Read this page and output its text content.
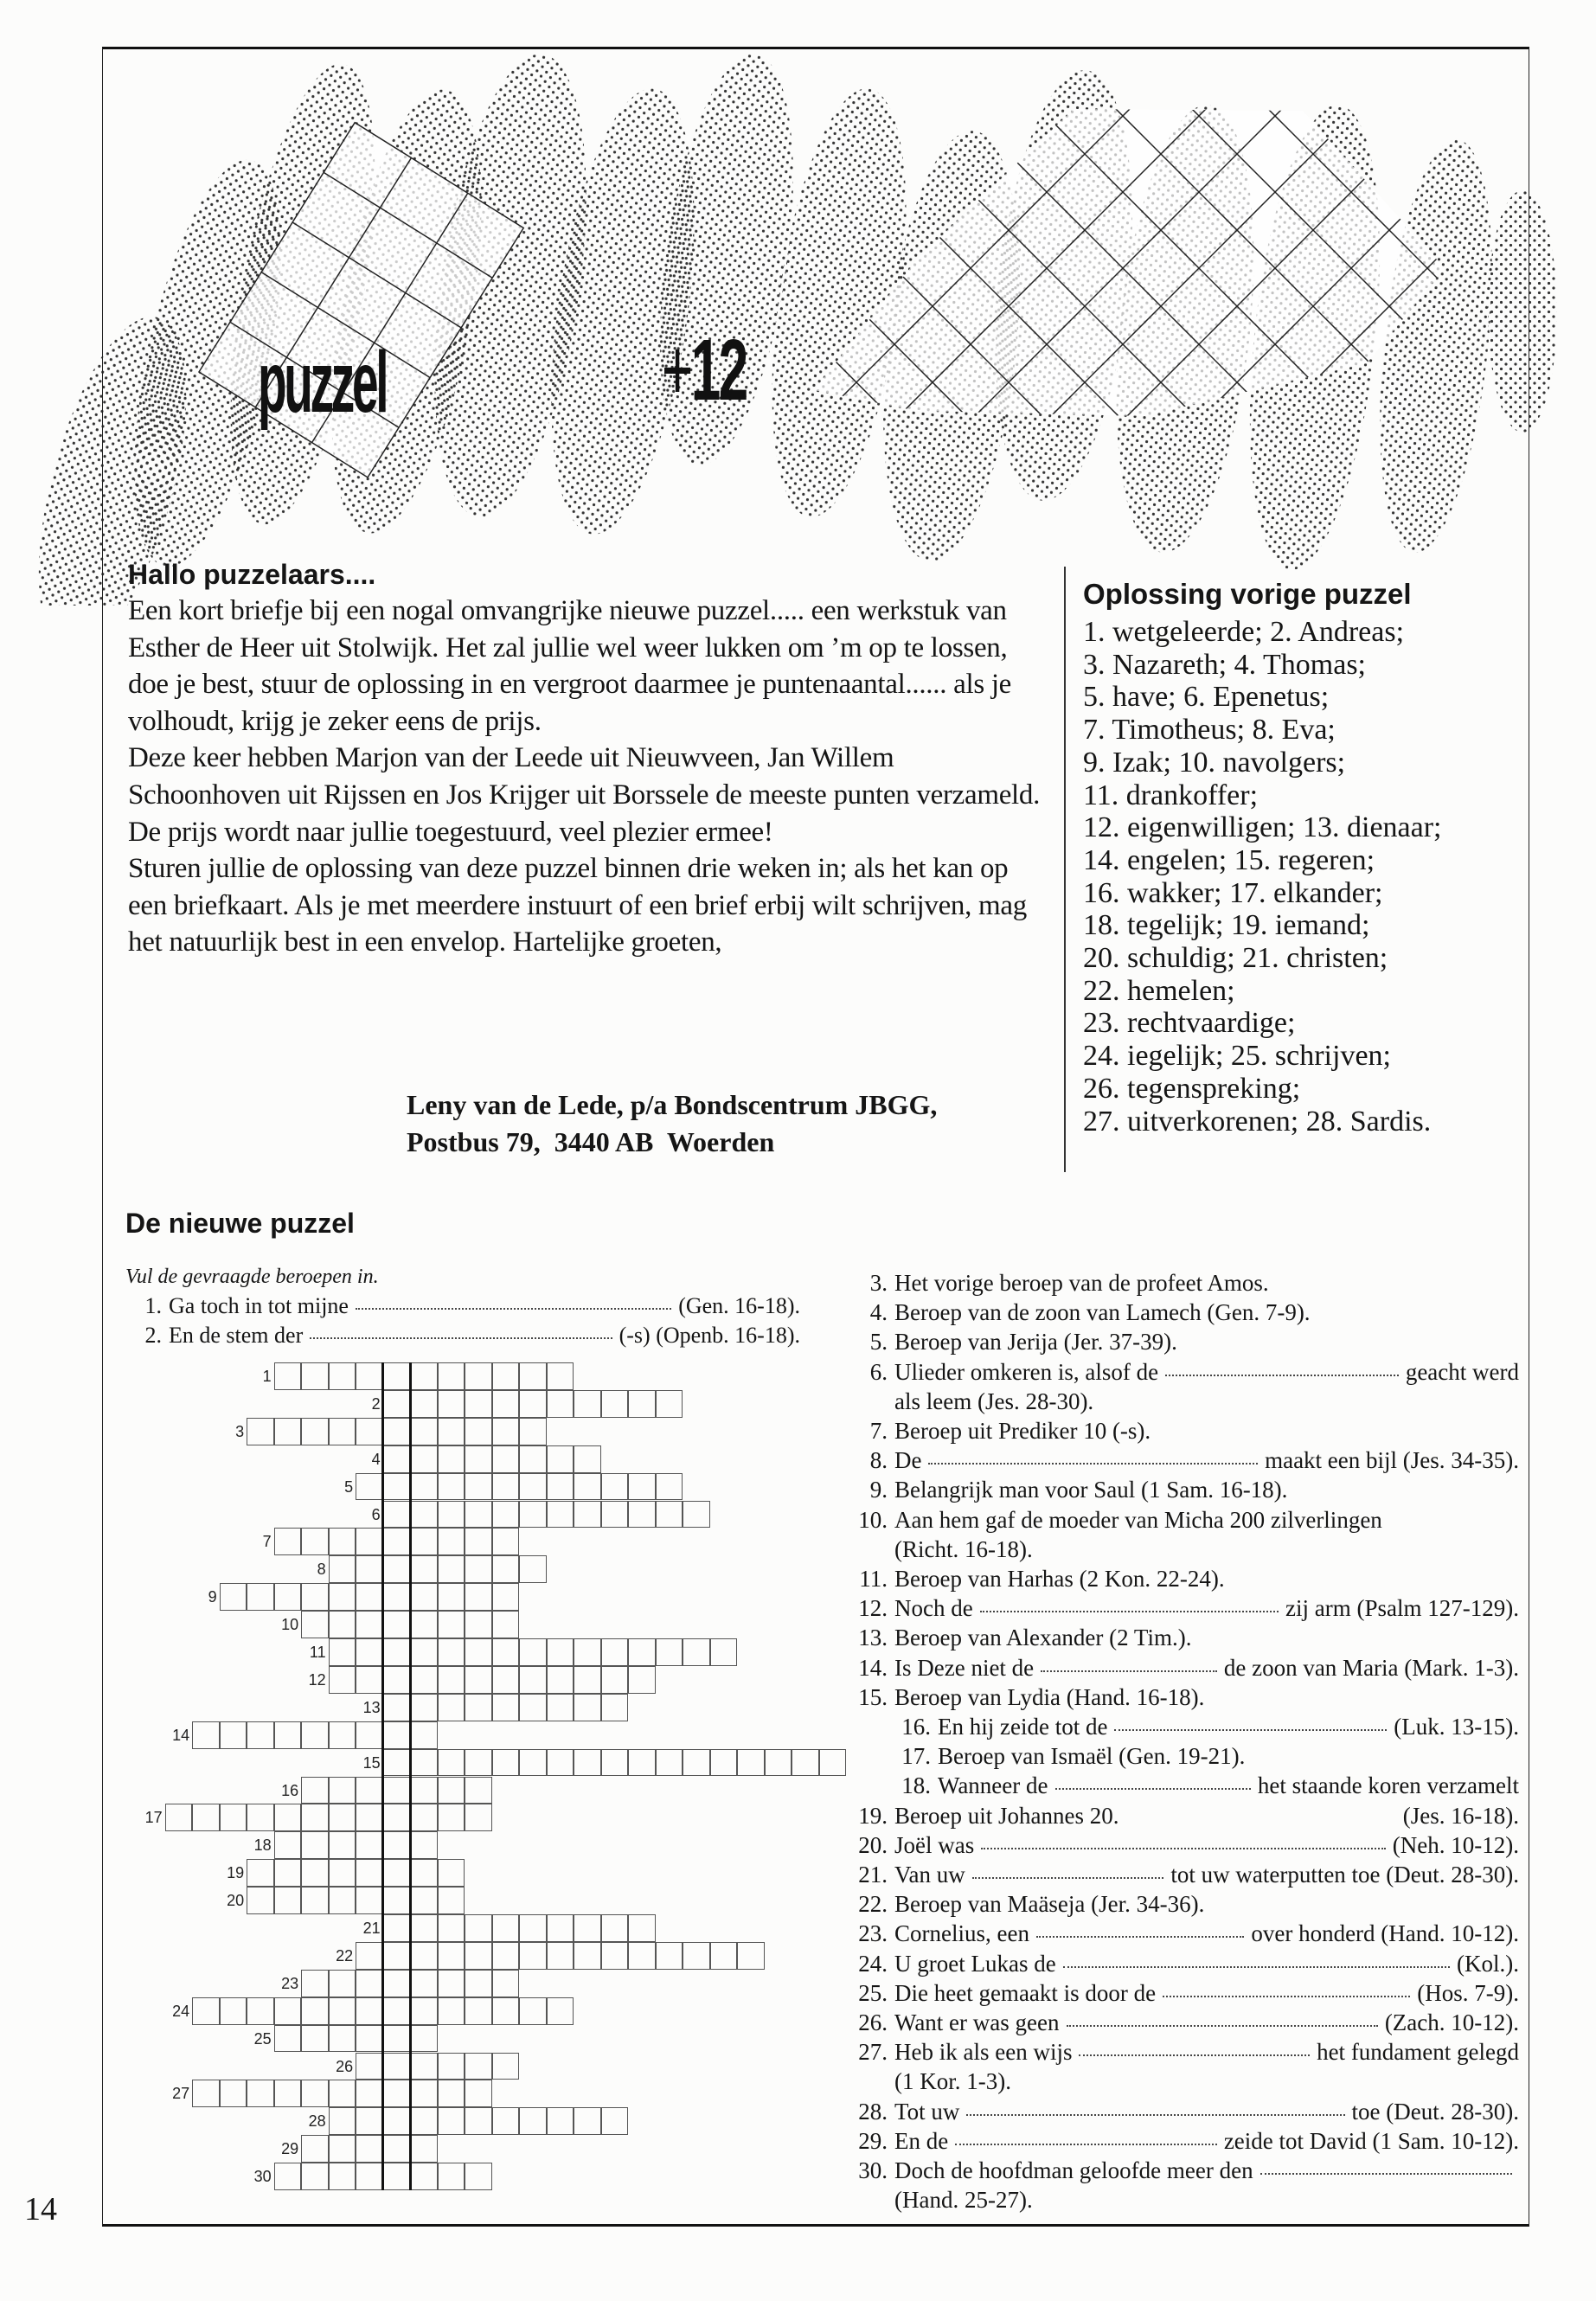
puzzel	+12
Hallo puzzelaars....

Een kort briefje bij een nogal omvangrijke nieuwe puzzel..... een werkstuk van Esther de Heer uit Stolwijk. Het zal jullie wel weer lukken om ’m op te lossen, doe je best, stuur de oplossing in en vergroot daarmee je puntenaantal...... als je volhoudt, krijg je zeker eens de prijs.

Deze keer hebben Marjon van der Leede uit Nieuwveen, Jan Willem Schoonhoven uit Rijssen en Jos Krijger uit Borssele de meeste punten verzameld. De prijs wordt naar jullie toegestuurd, veel plezier ermee!

Sturen jullie de oplossing van deze puzzel binnen drie weken in; als het kan op een briefkaart. Als je met meerdere instuurt of een brief erbij wilt schrijven, mag het natuurlijk best in een envelop. Hartelijke groeten,

Leny van de Lede, p/a Bondscentrum JBGG,
Postbus 79,  3440 AB  Woerden
Oplossing vorige puzzel
1. wetgeleerde; 2. Andreas;
3. Nazareth; 4. Thomas;
5. have; 6. Epenetus;
7. Timotheus; 8. Eva;
9. Izak; 10. navolgers;
11. drankoffer;
12. eigenwilligen; 13. dienaar;
14. engelen; 15. regeren;
16. wakker; 17. elkander;
18. tegelijk; 19. iemand;
20. schuldig; 21. christen;
22. hemelen;
23. rechtvaardige;
24. iegelijk; 25. schrijven;
26. tegenspreking;
27. uitverkorenen; 28. Sardis.
De nieuwe puzzel
Vul de gevraagde beroepen in.
1. Ga toch in tot mijne	(Gen. 16-18).
2. En de stem der	(-s) (Openb. 16-18).
3. Het vorige beroep van de profeet Amos.
4. Beroep van de zoon van Lamech (Gen. 7-9).
5. Beroep van Jerija (Jer. 37-39).
6. Ulieder omkeren is, alsof de	geacht werd
als leem (Jes. 28-30).
7. Beroep uit Prediker 10 (-s).
8. De	maakt een bijl (Jes. 34-35).
9. Belangrijk man voor Saul (1 Sam. 16-18).
10. Aan hem gaf de moeder van Micha 200 zilverlingen
(Richt. 16-18).
11. Beroep van Harhas (2 Kon. 22-24).
12. Noch de	zij arm (Psalm 127-129).
13. Beroep van Alexander (2 Tim.).
14. Is Deze niet de	de zoon van Maria (Mark. 1-3).
15. Beroep van Lydia (Hand. 16-18).
16. En hij zeide tot de	(Luk. 13-15).
17. Beroep van Ismaël (Gen. 19-21).
18. Wanneer de	het staande koren verzamelt
19. Beroep uit Johannes 20.	(Jes. 16-18).
20. Joël was	(Neh. 10-12).
21. Van uw	tot uw waterputten toe (Deut. 28-30).
22. Beroep van Maäseja (Jer. 34-36).
23. Cornelius, een	over honderd (Hand. 10-12).
24. U groet Lukas de	(Kol.).
25. Die heet gemaakt is door de	(Hos. 7-9).
26. Want er was geen	(Zach. 10-12).
27. Heb ik als een wijs	het fundament gelegd
(1 Kor. 1-3).
28. Tot uw	toe (Deut. 28-30).
29. En de	zeide tot David (1 Sam. 10-12).
30. Doch de hoofdman geloofde meer den
(Hand. 25-27).
1
2
3
4
5
6
7
8
9
10
11
12
13
14
15
16
17
18
19
20
21
22
23
24
25
26
27
28
29
30
14
